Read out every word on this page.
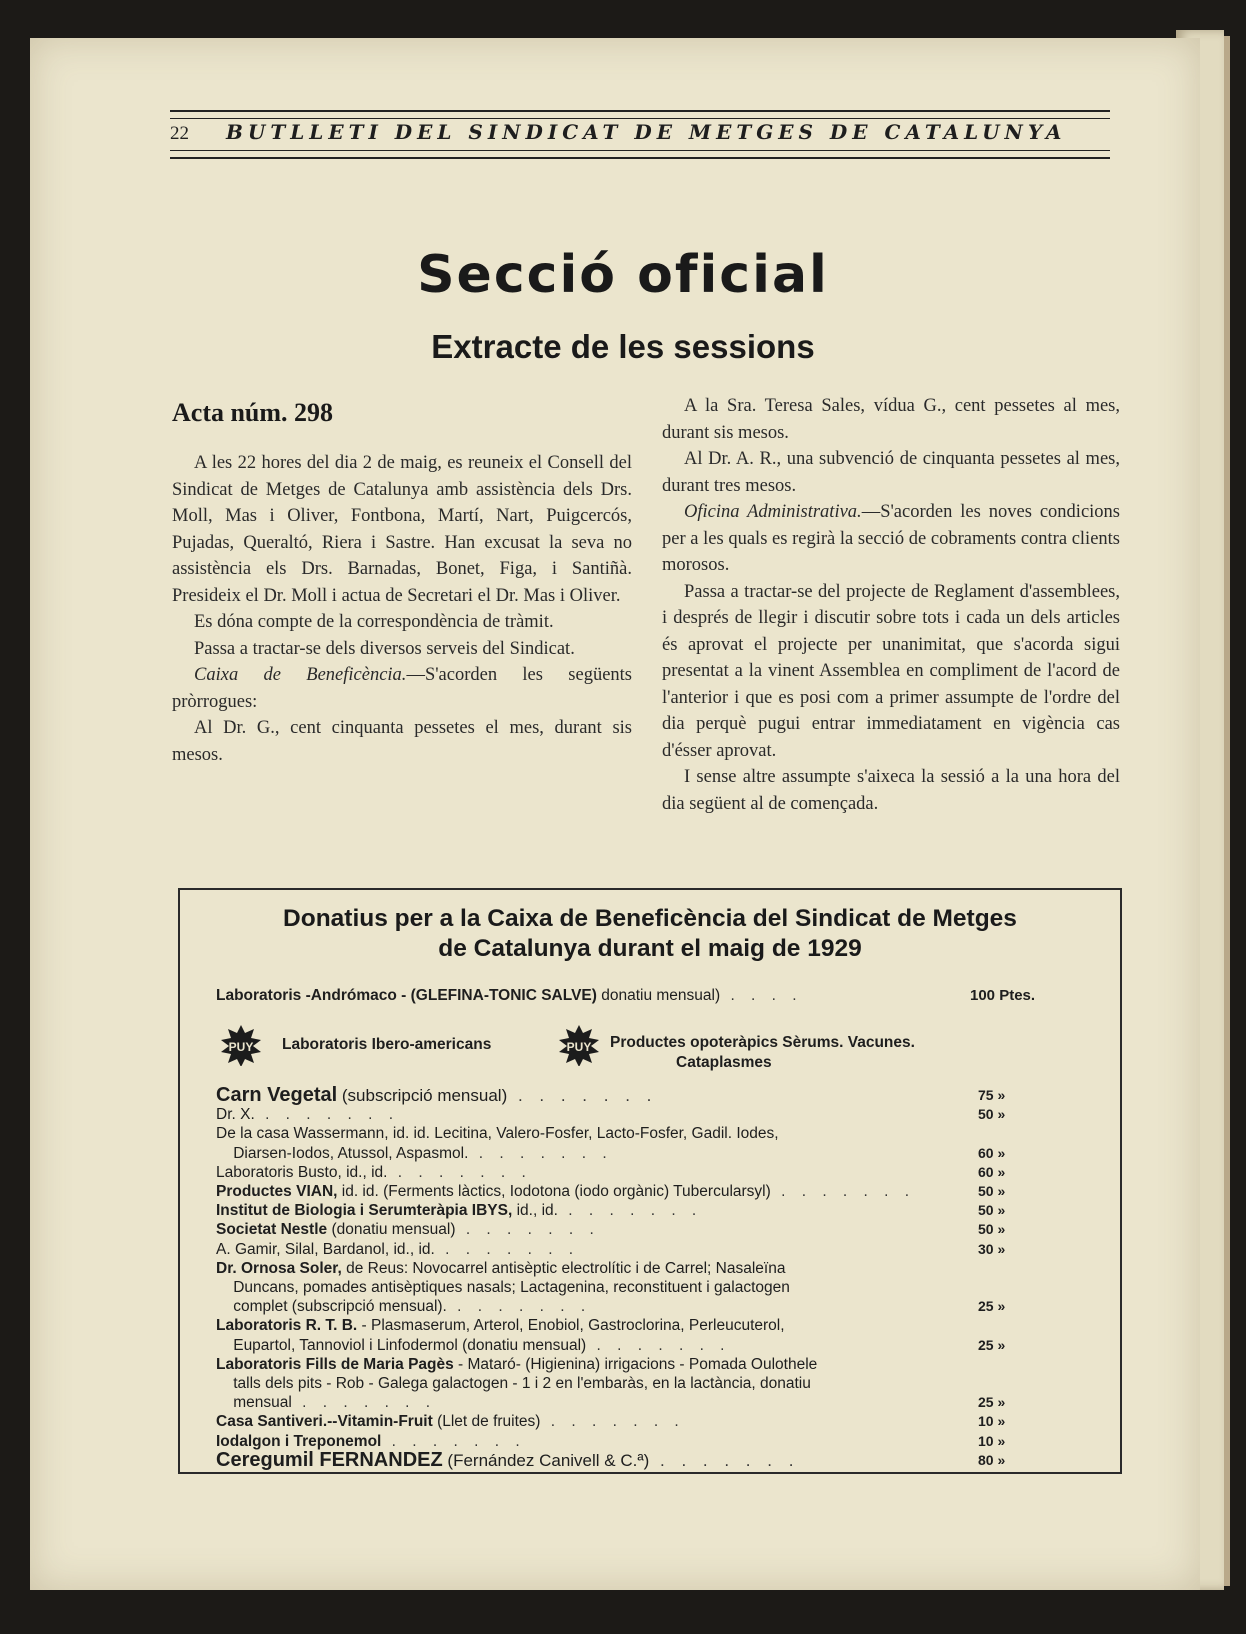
22 BUTLLETI DEL SINDICAT DE METGES DE CATALUNYA
Secció oficial
Extracte de les sessions
Acta núm. 298

A les 22 hores del dia 2 de maig, es reuneix el Consell del Sindicat de Metges de Catalunya amb assistència dels Drs. Moll, Mas i Oliver, Fontbona, Martí, Nart, Puigcercós, Pujadas, Queraltó, Riera i Sastre. Han excusat la seva no assistència els Drs. Barnadas, Bonet, Figa, i Santiñà. Presideix el Dr. Moll i actua de Secretari el Dr. Mas i Oliver.

Es dóna compte de la correspondència de tràmit.

Passa a tractar-se dels diversos serveis del Sindicat.

Caixa de Beneficència.—S'acorden les següents pròrrogues:

Al Dr. G., cent cinquanta pessetes el mes, durant sis mesos.

A la Sra. Teresa Sales, vídua G., cent pessetes al mes, durant sis mesos.

Al Dr. A. R., una subvenció de cinquanta pessetes al mes, durant tres mesos.

Oficina Administrativa.—S'acorden les noves condicions per a les quals es regirà la secció de cobraments contra clients morosos.

Passa a tractar-se del projecte de Reglament d'assemblees, i després de llegir i discutir sobre tots i cada un dels articles és aprovat el projecte per unanimitat, que s'acorda sigui presentat a la vinent Assemblea en compliment de l'acord de l'anterior i que es posi com a primer assumpte de l'ordre del dia perquè pugui entrar immediatament en vigència cas d'ésser aprovat.

I sense altre assumpte s'aixeca la sessió a la una hora del dia següent al de començada.

Donatius per a la Caixa de Beneficència del Sindicat de Metges
de Catalunya durant el maig de 1929
Laboratoris -Andrómaco - (GLEFINA-TONIC SALVE) donatiu mensual) . . . .	100 Ptes.
PUY Laboratoris Ibero-americans	PUY Productes opoteràpics Sèrums. Vacunes.
Cataplasmes
75 »
Carn Vegetal (subscripció mensual) . . . . . . .
50 »
Dr. X. . . . . . . .
De la casa Wassermann, id. id. Lecitina, Valero-Fosfer, Lacto-Fosfer, Gadil. Iodes,
60 »
Diarsen-Iodos, Atussol, Aspasmol. . . . . . . .
60 »
Laboratoris Busto, id., id. . . . . . . .
50 »
Productes VIAN, id. id. (Ferments làctics, Iodotona (iodo orgànic) Tubercularsyl) . . . . . . .
50 »
Institut de Biologia i Serumteràpia IBYS, id., id. . . . . . . .
50 »
Societat Nestle (donatiu mensual) . . . . . . .
30 »
A. Gamir, Silal, Bardanol, id., id. . . . . . . .
Dr. Ornosa Soler, de Reus: Novocarrel antisèptic electrolític i de Carrel; Nasaleïna
Duncans, pomades antisèptiques nasals; Lactagenina, reconstituent i galactogen
25 »
complet (subscripció mensual). . . . . . . .
Laboratoris R. T. B. - Plasmaserum, Arterol, Enobiol, Gastroclorina, Perleucuterol,
25 »
Eupartol, Tannoviol i Linfodermol (donatiu mensual) . . . . . . .
Laboratoris Fills de Maria Pagès - Mataró- (Higienina) irrigacions - Pomada Oulothele
talls dels pits - Rob - Galega galactogen - 1 i 2 en l'embaràs, en la lactància, donatiu
25 »
mensual . . . . . . .
10 »
Casa Santiveri.--Vitamin-Fruit (Llet de fruites) . . . . . . .
10 »
Iodalgon i Treponemol . . . . . . .
80 »
Ceregumil FERNANDEZ (Fernández Canivell & C.ª) . . . . . . .
